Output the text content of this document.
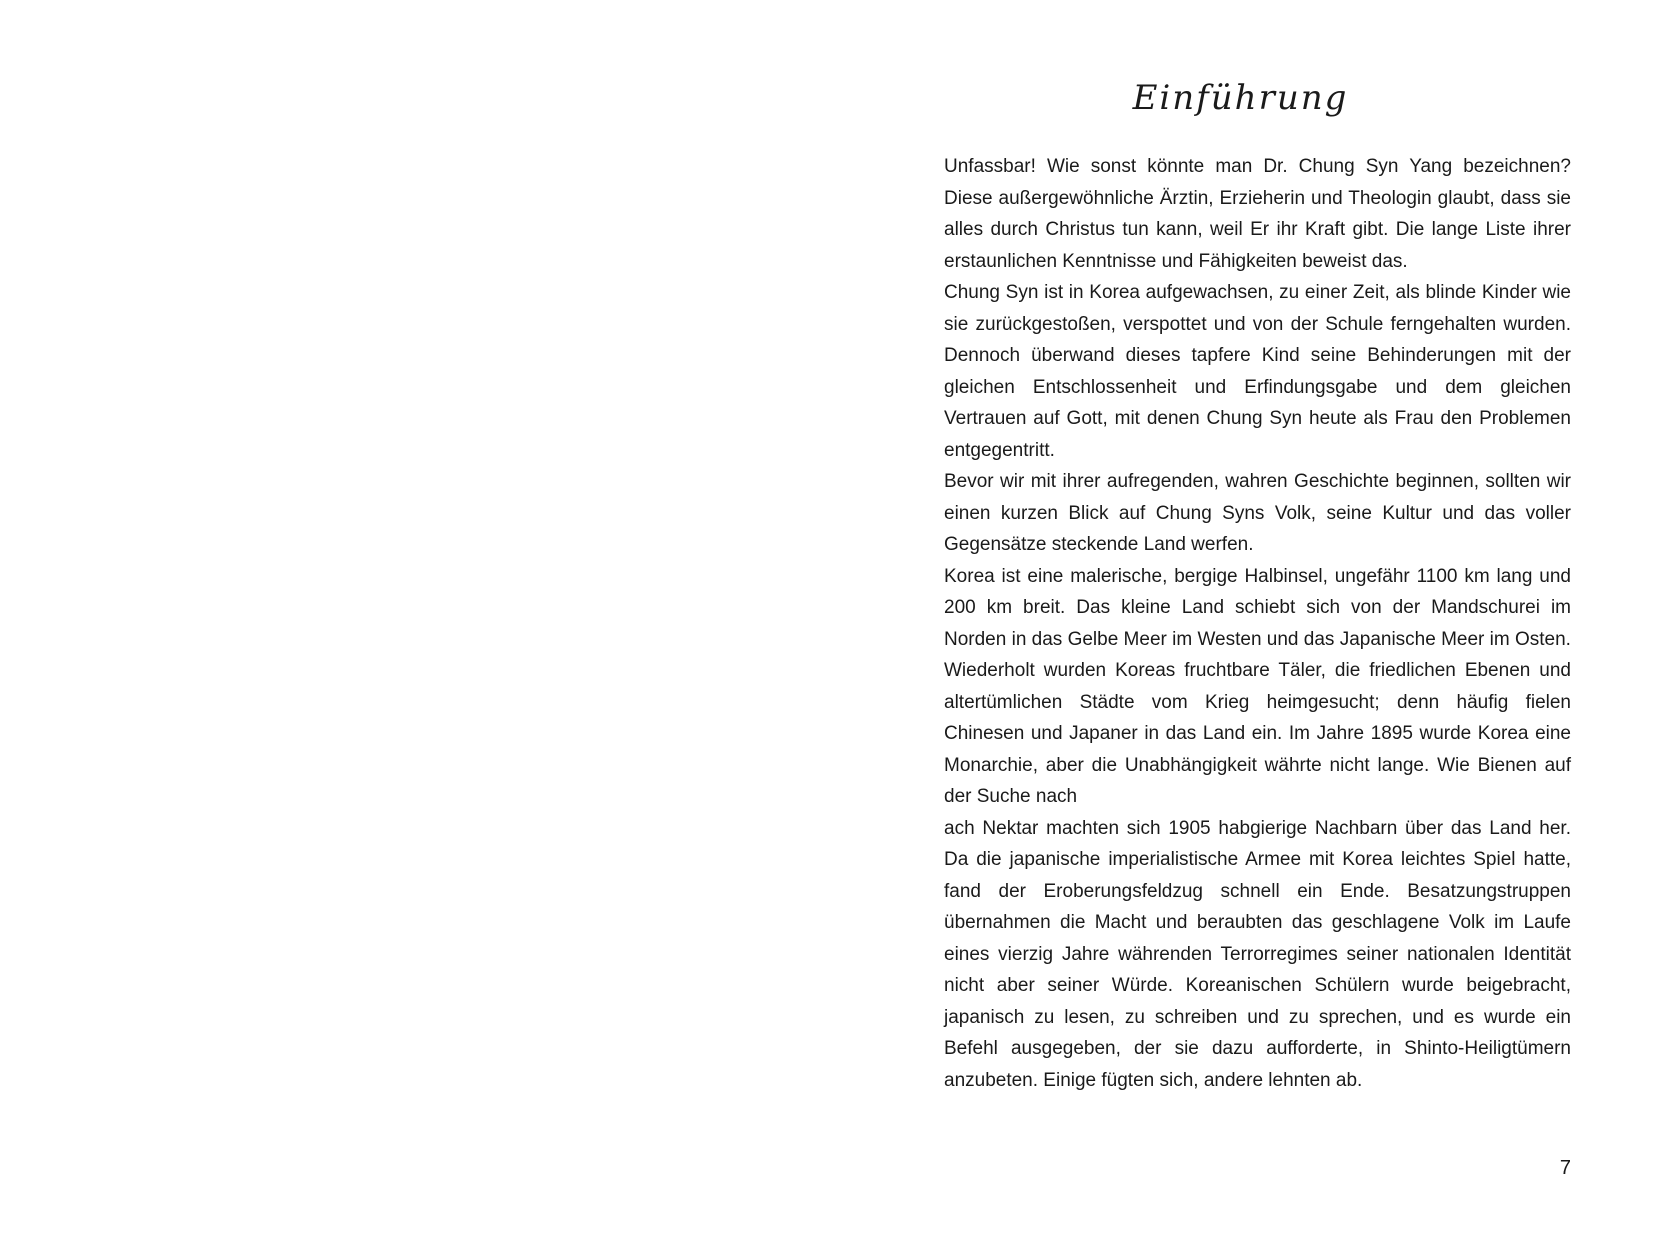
Einführung

Unfassbar! Wie sonst könnte man Dr. Chung Syn Yang bezeichnen? Diese außergewöhnliche Ärztin, Erzieherin und Theologin glaubt, dass sie alles durch Christus tun kann, weil Er ihr Kraft gibt. Die lange Liste ihrer erstaunlichen Kenntnisse und Fähigkeiten beweist das.

Chung Syn ist in Korea aufgewachsen, zu einer Zeit, als blinde Kinder wie sie zurückgestoßen, verspottet und von der Schule ferngehalten wurden. Dennoch überwand dieses tapfere Kind seine Behinderungen mit der gleichen Entschlossenheit und Erfindungsgabe und dem gleichen Vertrauen auf Gott, mit denen Chung Syn heute als Frau den Problemen entgegentritt.

Bevor wir mit ihrer aufregenden, wahren Geschichte beginnen, sollten wir einen kurzen Blick auf Chung Syns Volk, seine Kultur und das voller Gegensätze steckende Land werfen.

Korea ist eine malerische, bergige Halbinsel, ungefähr 1100 km lang und 200 km breit. Das kleine Land schiebt sich von der Mandschurei im Norden in das Gelbe Meer im Westen und das Japanische Meer im Osten.

Wiederholt wurden Koreas fruchtbare Täler, die friedlichen Ebenen und altertümlichen Städte vom Krieg heimgesucht; denn häufig fielen Chinesen und Japaner in das Land ein. Im Jahre 1895 wurde Korea eine Monarchie, aber die Unabhängigkeit währte nicht lange. Wie Bienen auf der Suche nach

ach Nektar machten sich 1905 habgierige Nachbarn über das Land her. Da die japanische imperialistische Armee mit Korea leichtes Spiel hatte, fand der Eroberungsfeldzug schnell ein Ende. Besatzungstruppen übernahmen die Macht und beraubten das geschlagene Volk im Laufe eines vierzig Jahre währenden Terrorregimes seiner nationalen Identität nicht aber seiner Würde. Koreanischen Schülern wurde beigebracht, japanisch zu lesen, zu schreiben und zu sprechen, und es wurde ein Befehl ausgegeben, der sie dazu aufforderte, in Shinto-Heiligtümern anzubeten. Einige fügten sich, andere lehnten ab.

7
